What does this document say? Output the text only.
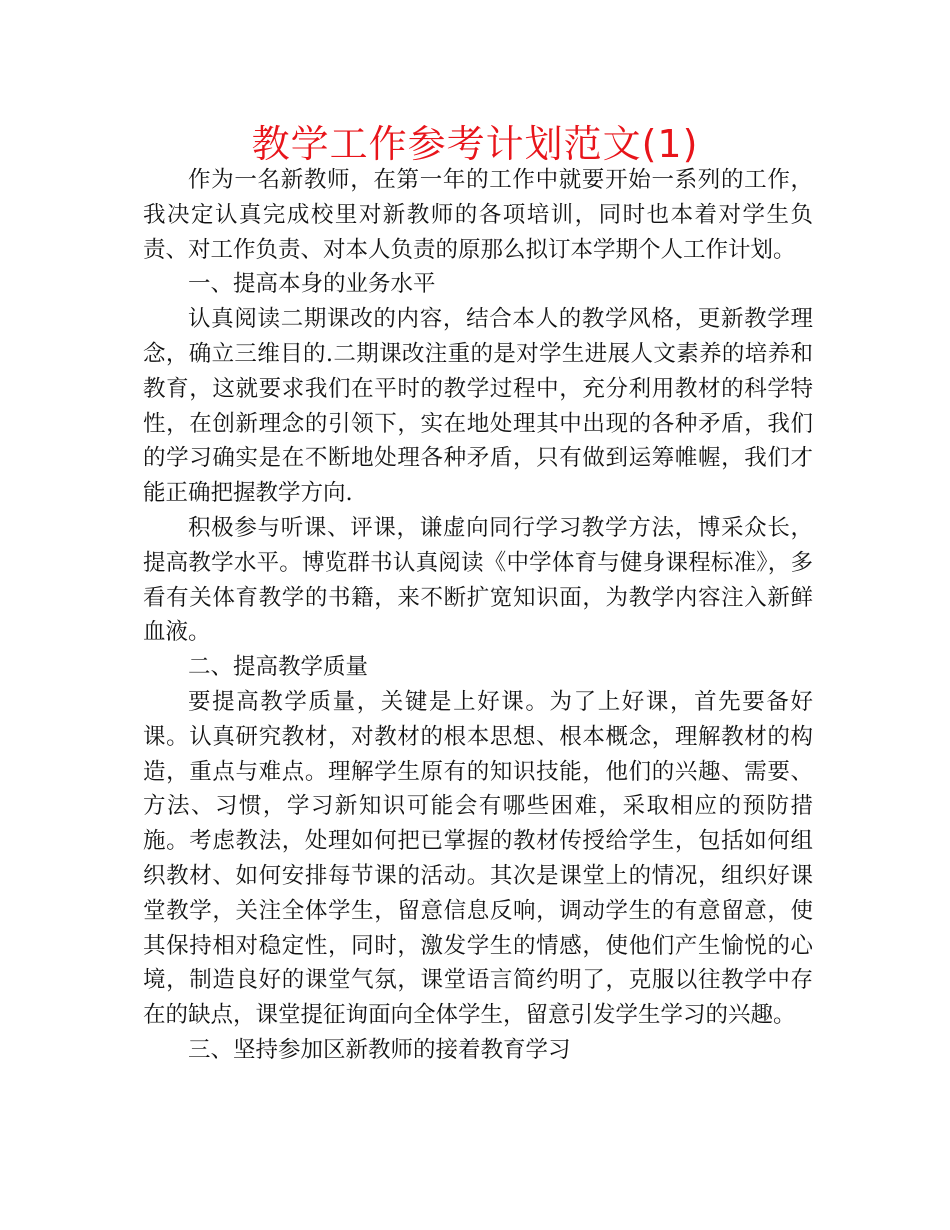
教学工作参考计划范文(1)

作为一名新教师，在第一年的工作中就要开始一系列的工作，我决定认真完成校里对新教师的各项培训，同时也本着对学生负责、对工作负责、对本人负责的原那么拟订本学期个人工作计划。

一、提高本身的业务水平

认真阅读二期课改的内容，结合本人的教学风格，更新教学理念，确立三维目的.二期课改注重的是对学生进展人文素养的培养和教育，这就要求我们在平时的教学过程中，充分利用教材的科学特性，在创新理念的引领下，实在地处理其中出现的各种矛盾，我们的学习确实是在不断地处理各种矛盾，只有做到运筹帷幄，我们才能正确把握教学方向.

积极参与听课、评课，谦虚向同行学习教学方法，博采众长，提高教学水平。博览群书认真阅读《中学体育与健身课程标准》，多看有关体育教学的书籍，来不断扩宽知识面，为教学内容注入新鲜血液。

二、提高教学质量

要提高教学质量，关键是上好课。为了上好课，首先要备好课。认真研究教材，对教材的根本思想、根本概念，理解教材的构造，重点与难点。理解学生原有的知识技能，他们的兴趣、需要、方法、习惯，学习新知识可能会有哪些困难，采取相应的预防措施。考虑教法，处理如何把已掌握的教材传授给学生，包括如何组织教材、如何安排每节课的活动。其次是课堂上的情况，组织好课堂教学，关注全体学生，留意信息反响，调动学生的有意留意，使其保持相对稳定性，同时，激发学生的情感，使他们产生愉悦的心境，制造良好的课堂气氛，课堂语言简约明了，克服以往教学中存在的缺点，课堂提征询面向全体学生，留意引发学生学习的兴趣。

三、坚持参加区新教师的接着教育学习
